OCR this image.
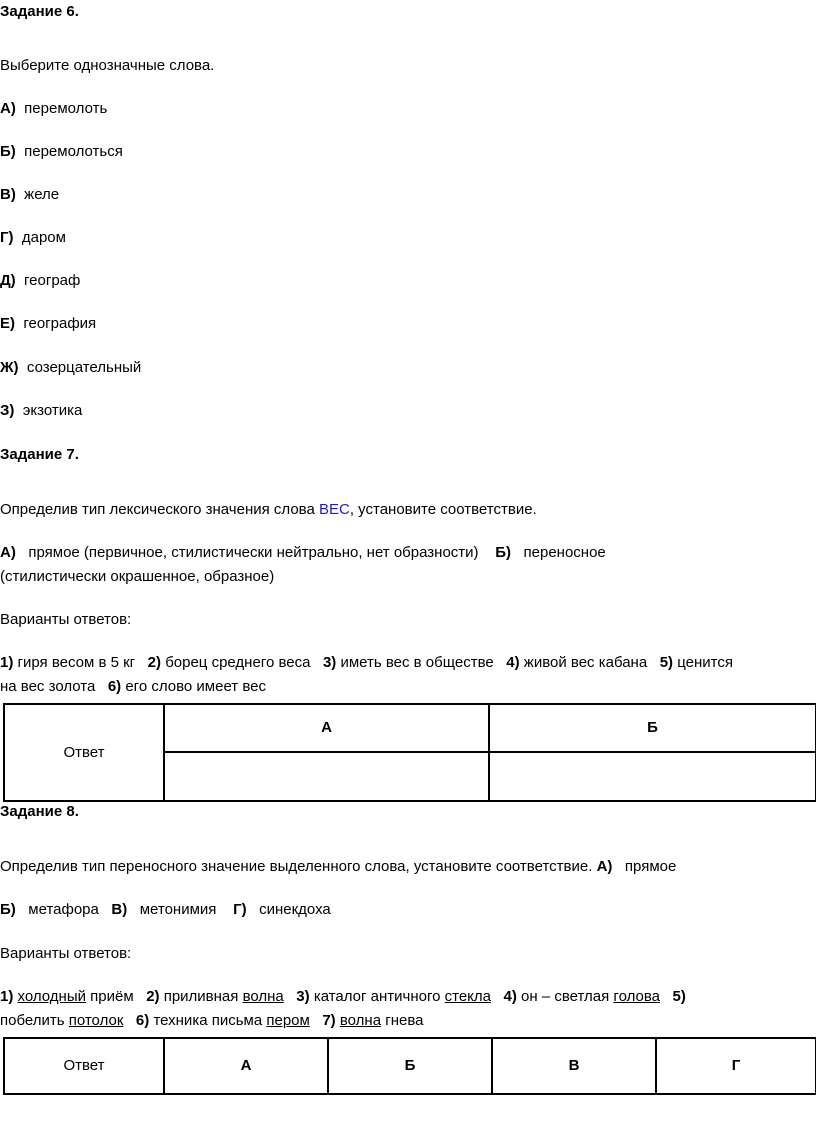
Задание 6.
Выберите однозначные слова.
А) перемолоть
Б) перемолоться
В) желе
Г) даром
Д) географ
Е) география
Ж) созерцательный
З) экзотика
Задание 7.
Определив тип лексического значения слова ВЕС, установите соответствие.
А) прямое (первичное, стилистически нейтрально, нет образности) Б) переносное
(стилистически окрашенное, образное)
Варианты ответов:
1) гиря весом в 5 кг 2) борец среднего веса 3) иметь вес в обществе 4) живой вес кабана 5) ценится
на вес золота 6) его слово имеет вес
Ответ	А	Б

Задание 8.
Определив тип переносного значение выделенного слова, установите соответствие. А) прямое
Б) метафора В) метонимия Г) синекдоха
Варианты ответов:
1) холодный приём 2) приливная волна 3) каталог античного стекла 4) он – светлая голова 5)
побелить потолок 6) техника письма пером 7) волна гнева
Ответ	А	Б	В	Г
